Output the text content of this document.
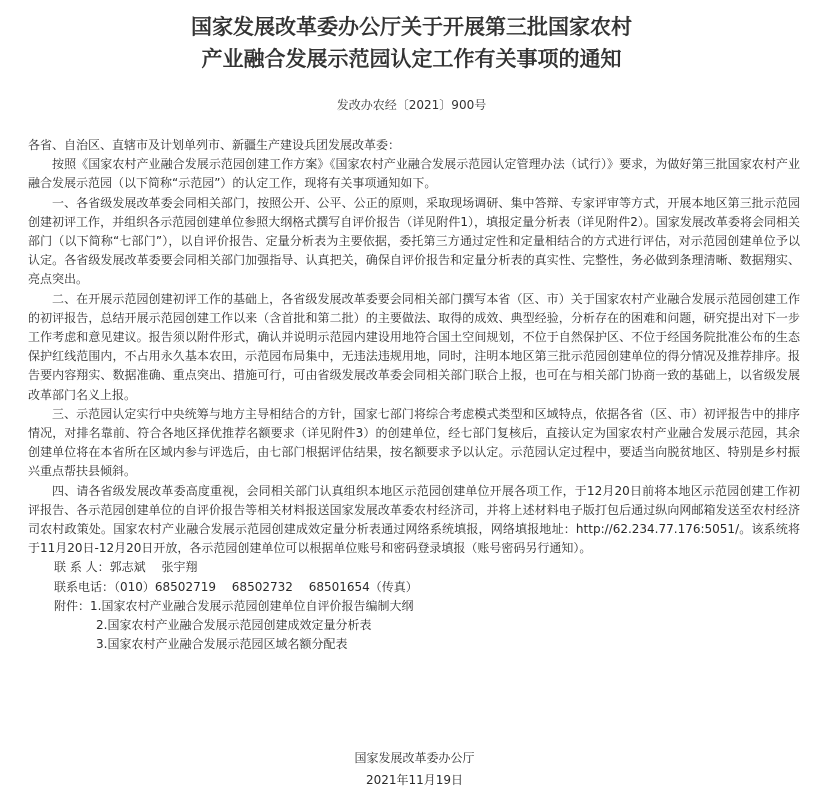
国家发展改革委办公厅关于开展第三批国家农村
产业融合发展示范园认定工作有关事项的通知
发改办农经〔2021〕900号

各省、自治区、直辖市及计划单列市、新疆生产建设兵团发展改革委：

按照《国家农村产业融合发展示范园创建工作方案》《国家农村产业融合发展示范园认定管理办法（试行）》要求，为做好第三批国家农村产业融合发展示范园（以下简称“示范园”）的认定工作，现将有关事项通知如下。

一、各省级发展改革委会同相关部门，按照公开、公平、公正的原则，采取现场调研、集中答辩、专家评审等方式，开展本地区第三批示范园创建初评工作，并组织各示范园创建单位参照大纲格式撰写自评价报告（详见附件1），填报定量分析表（详见附件2）。国家发展改革委将会同相关部门（以下简称“七部门”），以自评价报告、定量分析表为主要依据，委托第三方通过定性和定量相结合的方式进行评估，对示范园创建单位予以认定。各省级发展改革委要会同相关部门加强指导、认真把关，确保自评价报告和定量分析表的真实性、完整性，务必做到条理清晰、数据翔实、亮点突出。

二、在开展示范园创建初评工作的基础上，各省级发展改革委要会同相关部门撰写本省（区、市）关于国家农村产业融合发展示范园创建工作的初评报告，总结开展示范园创建工作以来（含首批和第二批）的主要做法、取得的成效、典型经验，分析存在的困难和问题，研究提出对下一步工作考虑和意见建议。报告须以附件形式，确认并说明示范园内建设用地符合国土空间规划，不位于自然保护区、不位于经国务院批准公布的生态保护红线范围内，不占用永久基本农田，示范园布局集中，无违法违规用地，同时，注明本地区第三批示范园创建单位的得分情况及推荐排序。报告要内容翔实、数据准确、重点突出、措施可行，可由省级发展改革委会同相关部门联合上报，也可在与相关部门协商一致的基础上，以省级发展改革部门名义上报。

三、示范园认定实行中央统筹与地方主导相结合的方针，国家七部门将综合考虑模式类型和区域特点，依据各省（区、市）初评报告中的排序情况，对排名靠前、符合各地区择优推荐名额要求（详见附件3）的创建单位，经七部门复核后，直接认定为国家农村产业融合发展示范园，其余创建单位将在本省所在区域内参与评选后，由七部门根据评估结果，按名额要求予以认定。示范园认定过程中，要适当向脱贫地区、特别是乡村振兴重点帮扶县倾斜。

四、请各省级发展改革委高度重视，会同相关部门认真组织本地区示范园创建单位开展各项工作，于12月20日前将本地区示范园创建工作初评报告、各示范园创建单位的自评价报告等相关材料报送国家发展改革委农村经济司，并将上述材料电子版打包后通过纵向网邮箱发送至农村经济司农村政策处。国家农村产业融合发展示范园创建成效定量分析表通过网络系统填报，网络填报地址：http://62.234.77.176:5051/。该系统将于11月20日-12月20日开放，各示范园创建单位可以根据单位账号和密码登录填报（账号密码另行通知）。

联 系 人：郭志斌　 张宇翔

联系电话：（010）68502719　 68502732　 68501654（传真）

附件：1.国家农村产业融合发展示范园创建单位自评价报告编制大纲

2.国家农村产业融合发展示范园创建成效定量分析表

3.国家农村产业融合发展示范园区域名额分配表

国家发展改革委办公厅
2021年11月19日
